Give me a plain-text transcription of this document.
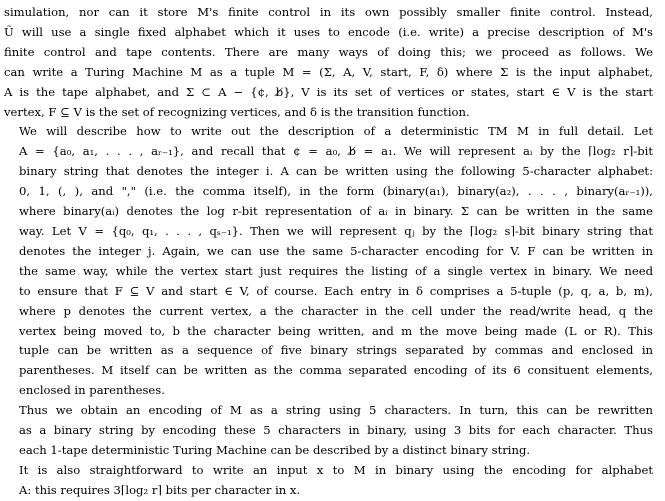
simulation, nor can it store M's finite control in its own possibly smaller finite control. Instead,
Ũ will use a single fixed alphabet which it uses to encode (i.e. write) a precise description of M's
finite control and tape contents. There are many ways of doing this; we proceed as follows. We
can write a Turing Machine M as a tuple M = (Σ, A, V, start, F, δ) where Σ is the input alphabet,
A is the tape alphabet, and Σ ⊂ A − {¢, b̸}, V is its set of vertices or states, start ∈ V is the start
vertex, F ⊆ V is the set of recognizing vertices, and δ is the transition function.

We will describe how to write out the description of a deterministic TM M in full detail. Let
A = {a₀, a₁, . . . , aᵣ₋₁}, and recall that ¢ = a₀, b̸ = a₁. We will represent aᵢ by the ⌈log₂ r⌉-bit
binary string that denotes the integer i. A can be written using the following 5-character alphabet:
0, 1, (, ), and "," (i.e. the comma itself), in the form (binary(a₁), binary(a₂), . . . , binary(aᵣ₋₁)),
where binary(aᵢ) denotes the log r-bit representation of aᵢ in binary. Σ can be written in the same
way. Let V = {q₀, q₁, . . . , qₛ₋₁}. Then we will represent qⱼ by the ⌈log₂ s⌉-bit binary string that
denotes the integer j. Again, we can use the same 5-character encoding for V. F can be written in
the same way, while the vertex start just requires the listing of a single vertex in binary. We need
to ensure that F ⊆ V and start ∈ V, of course. Each entry in δ comprises a 5-tuple (p, q, a, b, m),
where p denotes the current vertex, a the character in the cell under the read/write head, q the
vertex being moved to, b the character being written, and m the move being made (L or R). This
tuple can be written as a sequence of five binary strings separated by commas and enclosed in
parentheses. M itself can be written as the comma separated encoding of its 6 consituent elements,
enclosed in parentheses.

Thus we obtain an encoding of M as a string using 5 characters. In turn, this can be rewritten
as a binary string by encoding these 5 characters in binary, using 3 bits for each character. Thus
each 1-tape deterministic Turing Machine can be described by a distinct binary string.

It is also straightforward to write an input x to M in binary using the encoding for alphabet
A: this requires 3⌈log₂ r⌉ bits per character in x.
